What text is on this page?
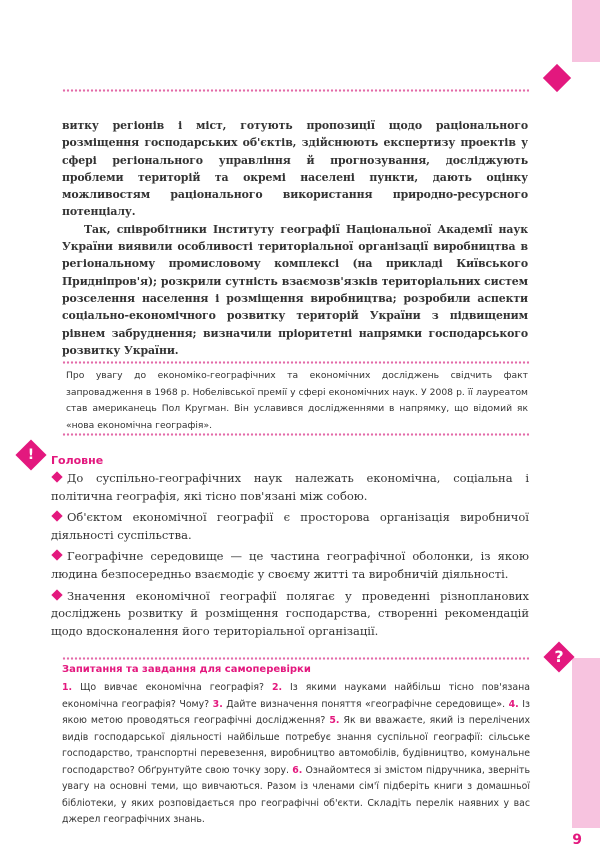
витку регіонів і міст, готують пропозиції щодо раціонального розміщення господарських об'єктів, здійснюють експертизу проектів у сфері регіонального управління й прогнозування, досліджують проблеми територій та окремі населені пункти, дають оцінку можливостям раціонального використання природно-ресурсного потенціалу.

Так, співробітники Інституту географії Національної Академії наук України виявили особливості територіальної організації виробництва в регіональному промисловому комплексі (на прикладі Київського Придніпров'я); розкрили сутність взаємозв'язків територіальних систем розселення населення і розміщення виробництва; розробили аспекти соціально-економічного розвитку територій України з підвищеним рівнем забруднення; визначили пріоритетні напрямки господарського розвитку України.

Про увагу до економіко-географічних та економічних досліджень свідчить факт запровадження в 1968 р. Нобелівської премії у сфері економічних наук. У 2008 р. її лауреатом став американець Пол Кругман. Він уславився дослідженнями в напрямку, що відомий як «нова економічна географія».
!	Головне
До суспільно-географічних наук належать економічна, соціальна і політична географія, які тісно пов'язані між собою.
Об'єктом економічної географії є просторова організація виробничої діяльності суспільства.
Географічне середовище — це частина географічної оболонки, із якою людина безпосередньо взаємодіє у своєму житті та виробничій діяльності.
Значення економічної географії полягає у проведенні різнопланових досліджень розвитку й розміщення господарства, створенні рекомендацій щодо вдосконалення його територіальної організації.
?
Запитання та завдання для самоперевірки
1. Що вивчає економічна географія? 2. Із якими науками найбільш тісно пов'язана економічна географія? Чому? 3. Дайте визначення поняття «географічне середовище». 4. Із якою метою проводяться географічні дослідження? 5. Як ви вважаєте, який із перелічених видів господарської діяльності найбільше потребує знання суспільної географії: сільське господарство, транспортні перевезення, виробництво автомобілів, будівництво, комунальне господарство? Обґрунтуйте свою точку зору. 6. Ознайомтеся зі змістом підручника, зверніть увагу на основні теми, що вивчаються. Разом із членами сім'ї підберіть книги з домашньої бібліотеки, у яких розповідається про географічні об'єкти. Складіть перелік наявних у вас джерел географічних знань.
9
